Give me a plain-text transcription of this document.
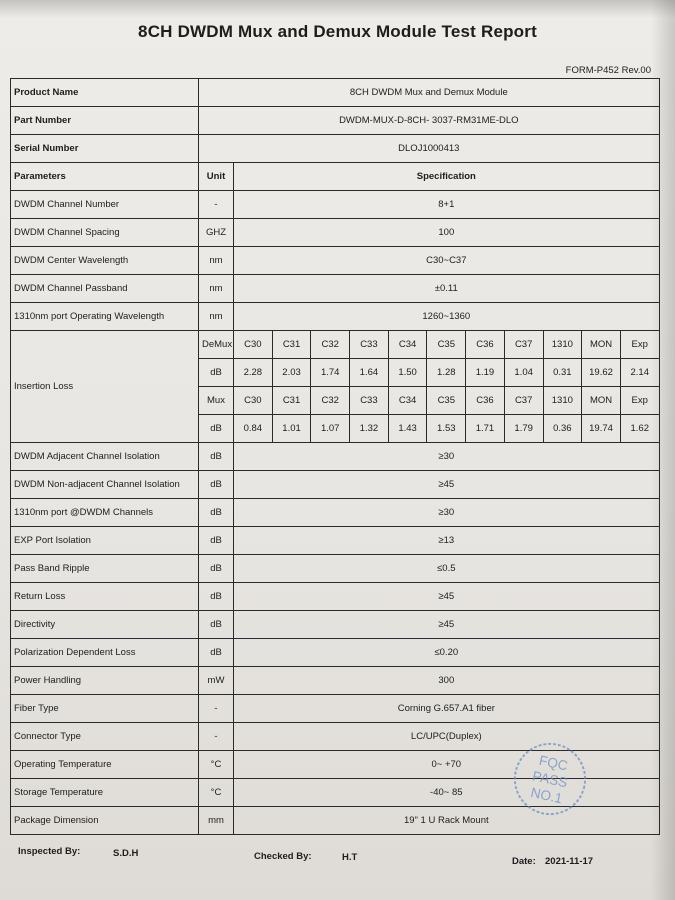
8CH DWDM Mux and Demux Module Test Report
FORM-P452 Rev.00
Product Name	8CH DWDM Mux and Demux Module											
Part Number	DWDM-MUX-D-8CH- 3037-RM31ME-DLO											
Serial Number	DLOJ1000413											
Parameters	Unit	Specification										
DWDM Channel Number	-	8+1										
DWDM Channel Spacing	GHZ	100										
DWDM Center Wavelength	nm	C30~C37										
DWDM Channel Passband	nm	±0.11										
1310nm port Operating Wavelength	nm	1260~1360										
Insertion Loss	DeMux	C30	C31	C32	C33	C34	C35	C36	C37	1310	MON	Exp
	dB	2.28	2.03	1.74	1.64	1.50	1.28	1.19	1.04	0.31	19.62	2.14
	Mux	C30	C31	C32	C33	C34	C35	C36	C37	1310	MON	Exp
	dB	0.84	1.01	1.07	1.32	1.43	1.53	1.71	1.79	0.36	19.74	1.62
DWDM Adjacent Channel Isolation	dB	≥30										
DWDM Non-adjacent Channel Isolation	dB	≥45										
1310nm port @DWDM Channels	dB	≥30										
EXP Port Isolation	dB	≥13										
Pass Band Ripple	dB	≤0.5										
Return Loss	dB	≥45										
Directivity	dB	≥45										
Polarization Dependent Loss	dB	≤0.20										
Power Handling	mW	300										
Fiber Type	-	Corning G.657.A1 fiber										
Connector Type	-	LC/UPC(Duplex)										
Operating Temperature	°C	0~ +70										
Storage Temperature	°C	-40~ 85										
Package Dimension	mm	19" 1 U Rack Mount										
FQC
PASS
NO.1
Inspected By:	S.D.H	Checked By:	H.T	Date: 2021-11-17
